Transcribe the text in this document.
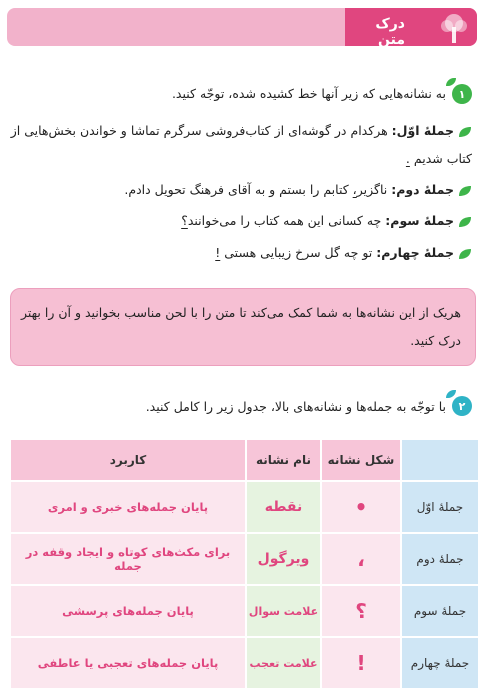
درک متن
۱
به نشانه‌هایی که زیر آنها خط کشیده شده، توجّه کنید.
جملهٔ اوّل: هرکدام در گوشه‌ای از کتاب‌فروشی سرگرم تماشا و خواندن بخش‌هایی از
کتاب شدیم .
جملهٔ دوم: ناگزیر، کتابم را بستم و به آقای فرهنگ تحویل دادم.
جملهٔ سوم: چه کسانی این همه کتاب را می‌خوانند؟
جملهٔ چهارم: تو چه گل سرخ زیبایی هستی !
هریک از این نشانه‌ها به شما کمک می‌کند تا متن را با لحن مناسب بخوانید و آن را بهتر درک کنید.
۲
با توجّه به جمله‌ها و نشانه‌های بالا، جدول زیر را کامل کنید.
	شکل نشانه	نام نشانه	کاربرد
جملهٔ اوّل	•	نقطه	پایان جمله‌های خبری و امری
جملهٔ دوم	،	ویرگول	برای مکث‌های کوتاه و ایجاد وقفه در جمله
جملهٔ سوم	؟	علامت سوال	پایان جمله‌های پرسشی
جملهٔ چهارم	!	علامت تعجب	پایان جمله‌های تعجبی یا عاطفی
